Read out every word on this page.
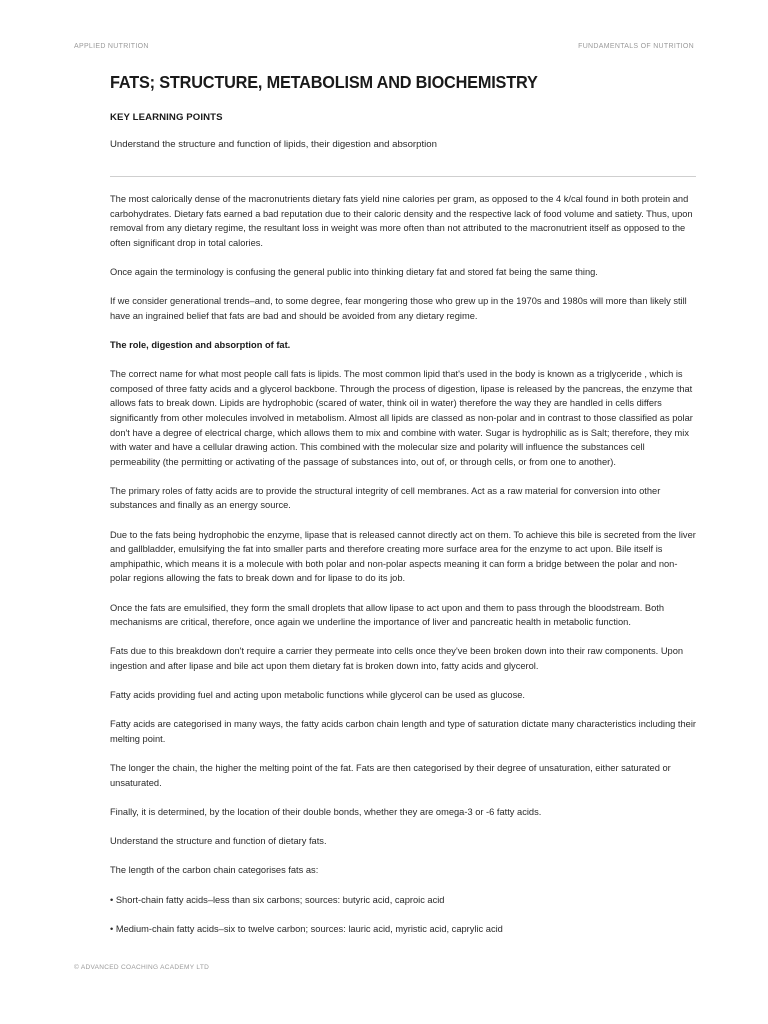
APPLIED NUTRITION	FUNDAMENTALS OF NUTRITION
FATS; STRUCTURE, METABOLISM AND BIOCHEMISTRY
KEY LEARNING POINTS
Understand the structure and function of lipids, their digestion and absorption

The most calorically dense of the macronutrients dietary fats yield nine calories per gram, as opposed to the 4 k/cal found in both protein and carbohydrates. Dietary fats earned a bad reputation due to their caloric density and the respective lack of food volume and satiety. Thus, upon removal from any dietary regime, the resultant loss in weight was more often than not attributed to the macronutrient itself as opposed to the often significant drop in total calories.

Once again the terminology is confusing the general public into thinking dietary fat and stored fat being the same thing.

If we consider generational trends–and, to some degree, fear mongering those who grew up in the 1970s and 1980s will more than likely still have an ingrained belief that fats are bad and should be avoided from any dietary regime.

The role, digestion and absorption of fat.

The correct name for what most people call fats is lipids. The most common lipid that's used in the body is known as a triglyceride , which is composed of three fatty acids and a glycerol backbone. Through the process of digestion, lipase is released by the pancreas, the enzyme that allows fats to break down. Lipids are hydrophobic (scared of water, think oil in water) therefore the way they are handled in cells differs significantly from other molecules involved in metabolism. Almost all lipids are classed as non-polar and in contrast to those classified as polar don't have a degree of electrical charge, which allows them to mix and combine with water. Sugar is hydrophilic as is Salt; therefore, they mix with water and have a cellular drawing action. This combined with the molecular size and polarity will influence the substances cell permeability (the permitting or activating of the passage of substances into, out of, or through cells, or from one to another).

The primary roles of fatty acids are to provide the structural integrity of cell membranes. Act as a raw material for conversion into other substances and finally as an energy source.

Due to the fats being hydrophobic the enzyme, lipase that is released cannot directly act on them. To achieve this bile is secreted from the liver and gallbladder, emulsifying the fat into smaller parts and therefore creating more surface area for the enzyme to act upon. Bile itself is amphipathic, which means it is a molecule with both polar and non-polar aspects meaning it can form a bridge between the polar and non-polar regions allowing the fats to break down and for lipase to do its job.

Once the fats are emulsified, they form the small droplets that allow lipase to act upon and them to pass through the bloodstream. Both mechanisms are critical, therefore, once again we underline the importance of liver and pancreatic health in metabolic function.

Fats due to this breakdown don't require a carrier they permeate into cells once they've been broken down into their raw components. Upon ingestion and after lipase and bile act upon them dietary fat is broken down into, fatty acids and glycerol.

Fatty acids providing fuel and acting upon metabolic functions while glycerol can be used as glucose.

Fatty acids are categorised in many ways, the fatty acids carbon chain length and type of saturation dictate many characteristics including their melting point.

The longer the chain, the higher the melting point of the fat. Fats are then categorised by their degree of unsaturation, either saturated or unsaturated.

Finally, it is determined, by the location of their double bonds, whether they are omega-3 or -6 fatty acids.

Understand the structure and function of dietary fats.

The length of the carbon chain categorises fats as:

• Short-chain fatty acids–less than six carbons; sources: butyric acid, caproic acid

• Medium-chain fatty acids–six to twelve carbon; sources: lauric acid, myristic acid, caprylic acid

© ADVANCED COACHING ACADEMY LTD
